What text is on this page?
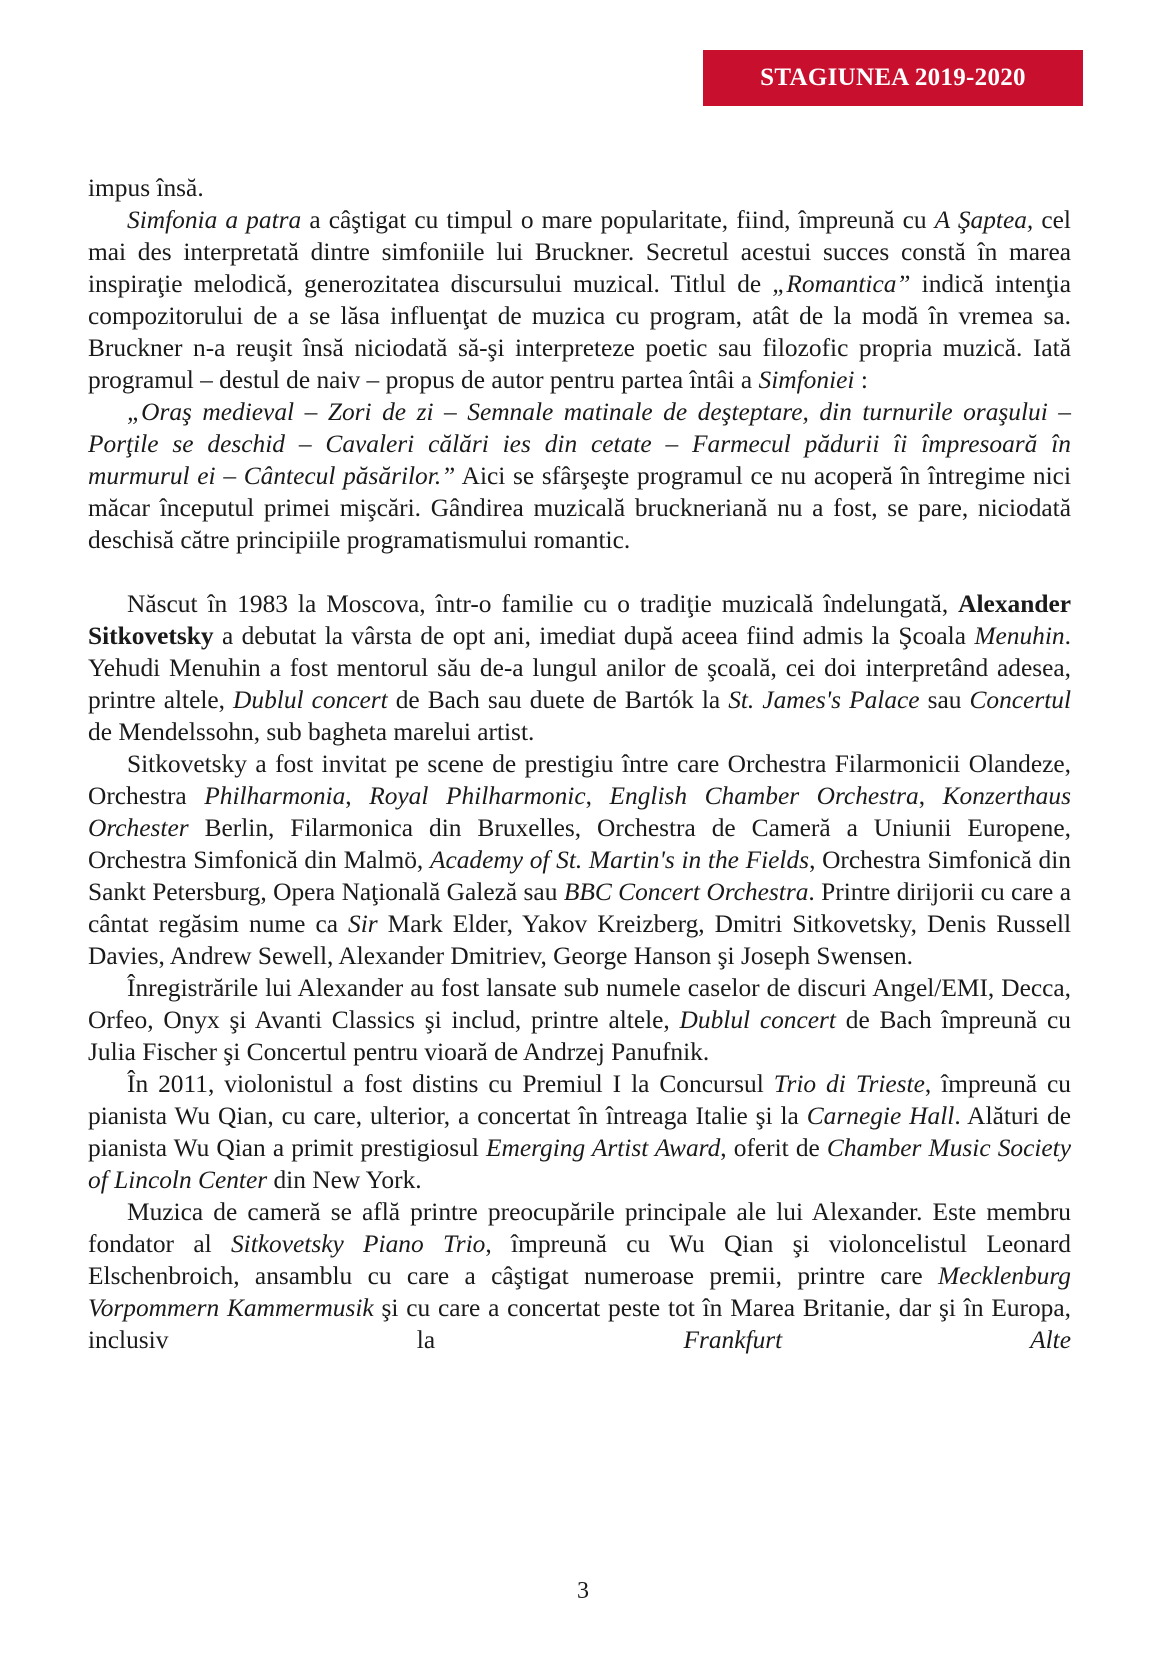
STAGIUNEA 2019-2020

impus însă.

Simfonia a patra a câştigat cu timpul o mare popularitate, fiind, împreună cu A Şaptea, cel mai des interpretată dintre simfoniile lui Bruckner. Secretul acestui succes constă în marea inspiraţie melodică, generozitatea discursului muzical. Titlul de „Romantica” indică intenţia compozitorului de a se lăsa influenţat de muzica cu program, atât de la modă în vremea sa. Bruckner n-a reuşit însă niciodată să-şi interpreteze poetic sau filozofic propria muzică. Iată programul – destul de naiv – propus de autor pentru partea întâi a Simfoniei :

„Oraş medieval – Zori de zi – Semnale matinale de deşteptare, din turnurile oraşului – Porţile se deschid – Cavaleri călări ies din cetate – Farmecul pădurii îi împresoară în murmurul ei – Cântecul păsărilor.” Aici se sfârşeşte programul ce nu acoperă în întregime nici măcar începutul primei mişcări. Gândirea muzicală bruckneriană nu a fost, se pare, niciodată deschisă către principiile programatismului romantic.

Născut în 1983 la Moscova, într-o familie cu o tradiţie muzicală îndelungată, Alexander Sitkovetsky a debutat la vârsta de opt ani, imediat după aceea fiind admis la Şcoala Menuhin. Yehudi Menuhin a fost mentorul său de-a lungul anilor de şcoală, cei doi interpretând adesea, printre altele, Dublul concert de Bach sau duete de Bartók la St. James's Palace sau Concertul de Mendelssohn, sub bagheta marelui artist.

Sitkovetsky a fost invitat pe scene de prestigiu între care Orchestra Filarmonicii Olandeze, Orchestra Philharmonia, Royal Philharmonic, English Chamber Orchestra, Konzerthaus Orchester Berlin, Filarmonica din Bruxelles, Orchestra de Cameră a Uniunii Europene, Orchestra Simfonică din Malmö, Academy of St. Martin's in the Fields, Orchestra Simfonică din Sankt Petersburg, Opera Naţională Galeză sau BBC Concert Orchestra. Printre dirijorii cu care a cântat regăsim nume ca Sir Mark Elder, Yakov Kreizberg, Dmitri Sitkovetsky, Denis Russell Davies, Andrew Sewell, Alexander Dmitriev, George Hanson şi Joseph Swensen.

Înregistrările lui Alexander au fost lansate sub numele caselor de discuri Angel/EMI, Decca, Orfeo, Onyx şi Avanti Classics şi includ, printre altele, Dublul concert de Bach împreună cu Julia Fischer şi Concertul pentru vioară de Andrzej Panufnik.

În 2011, violonistul a fost distins cu Premiul I la Concursul Trio di Trieste, împreună cu pianista Wu Qian, cu care, ulterior, a concertat în întreaga Italie şi la Carnegie Hall. Alături de pianista Wu Qian a primit prestigiosul Emerging Artist Award, oferit de Chamber Music Society of Lincoln Center din New York.

Muzica de cameră se află printre preocupările principale ale lui Alexander. Este membru fondator al Sitkovetsky Piano Trio, împreună cu Wu Qian şi violoncelistul Leonard Elschenbroich, ansamblu cu care a câştigat numeroase premii, printre care Mecklenburg Vorpommern Kammermusik şi cu care a concertat peste tot în Marea Britanie, dar şi în Europa, inclusiv la Frankfurt Alte

3
